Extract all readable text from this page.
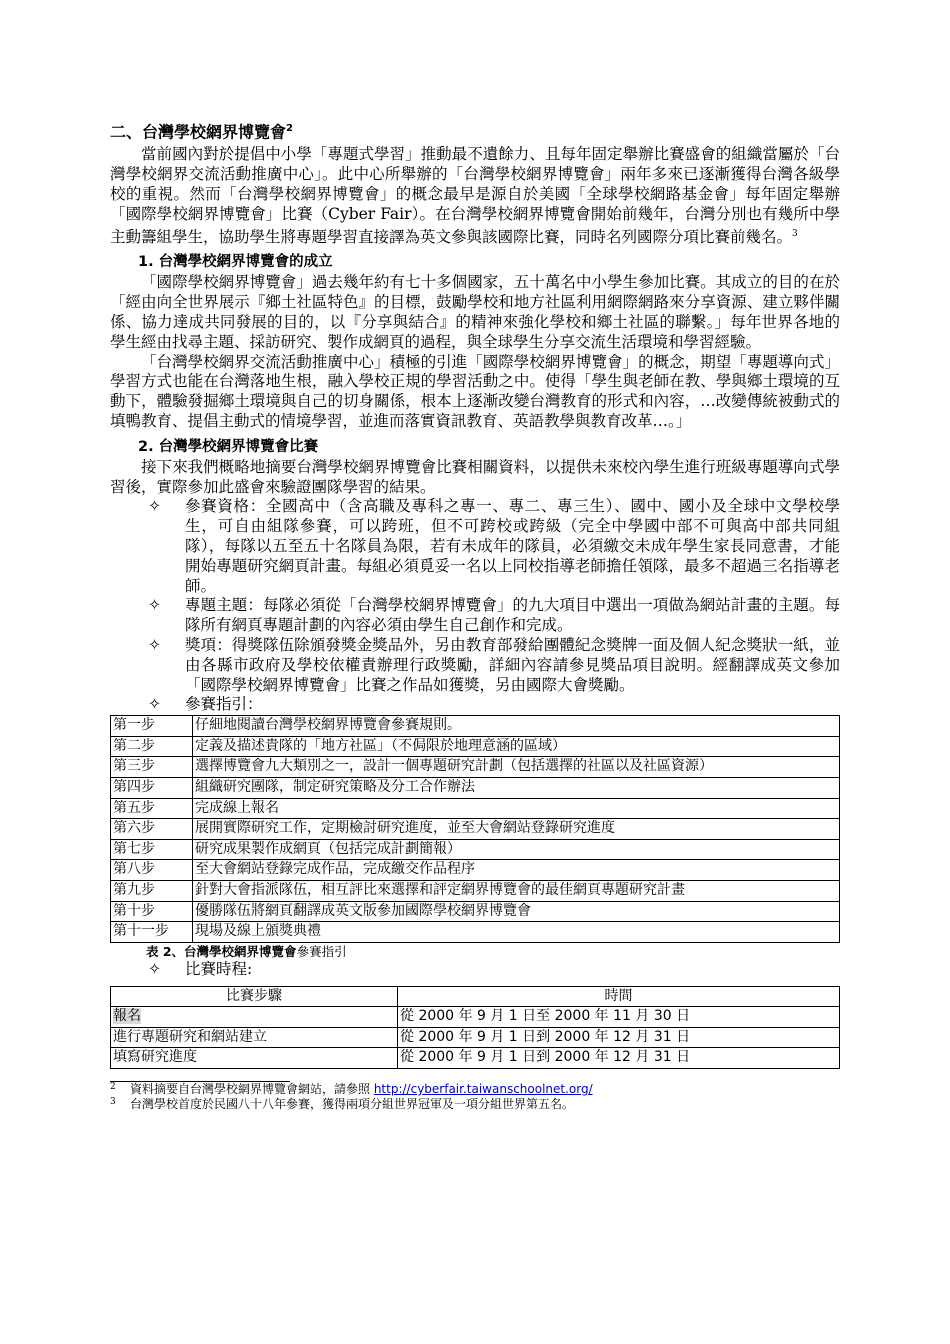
二、台灣學校網界博覽會$^2$

當前國內對於提倡中小學「專題式學習」推動最不遺餘力、且每年固定舉辦比賽盛會的組織當屬於「台灣學校網界交流活動推廣中心」。此中心所舉辦的「台灣學校網界博覽會」兩年多來已逐漸獲得台灣各級學校的重視。然而「台灣學校網界博覽會」的概念最早是源自於美國「全球學校網路基金會」每年固定舉辦「國際學校網界博覽會」比賽（Cyber Fair）。在台灣學校網界博覽會開始前幾年，台灣分別也有幾所中學主動籌組學生，協助學生將專題學習直接譯為英文參與該國際比賽，同時名列國際分項比賽前幾名。$^3$

1. 台灣學校網界博覽會的成立

「國際學校網界博覽會」過去幾年約有七十多個國家，五十萬名中小學生參加比賽。其成立的目的在於「經由向全世界展示『鄉土社區特色』的目標，鼓勵學校和地方社區利用網際網路來分享資源、建立夥伴關係、協力達成共同發展的目的，以『分享與結合』的精神來強化學校和鄉土社區的聯繫。」每年世界各地的學生經由找尋主題、採訪研究、製作成網頁的過程，與全球學生分享交流生活環境和學習經驗。

「台灣學校網界交流活動推廣中心」積極的引進「國際學校網界博覽會」的概念，期望「專題導向式」學習方式也能在台灣落地生根，融入學校正規的學習活動之中。使得「學生與老師在教、學與鄉土環境的互動下，體驗發掘鄉土環境與自己的切身關係，根本上逐漸改變台灣教育的形式和內容，…改變傳統被動式的填鴨教育、提倡主動式的情境學習，並進而落實資訊教育、英語教學與教育改革…。」

2. 台灣學校網界博覽會比賽

接下來我們概略地摘要台灣學校網界博覽會比賽相關資料，以提供未來校內學生進行班級專題導向式學習後，實際參加此盛會來驗證團隊學習的結果。

✧ 參賽資格：全國高中（含高職及專科之專一、專二、專三生）、國中、國小及全球中文學校學生，可自由組隊參賽，可以跨班，但不可跨校或跨級（完全中學國中部不可與高中部共同組隊），每隊以五至五十名隊員為限，若有未成年的隊員，必須繳交未成年學生家長同意書，才能開始專題研究網頁計畫。每組必須覓妥一名以上同校指導老師擔任領隊，最多不超過三名指導老師。
✧ 專題主題：每隊必須從「台灣學校網界博覽會」的九大項目中選出一項做為網站計畫的主題。每隊所有網頁專題計劃的內容必須由學生自己創作和完成。
✧ 獎項：得獎隊伍除頒發獎金獎品外，另由教育部發給團體紀念獎牌一面及個人紀念獎狀一紙，並由各縣市政府及學校依權責辦理行政獎勵，詳細內容請參見獎品項目說明。經翻譯成英文參加「國際學校網界博覽會」比賽之作品如獲獎，另由國際大會獎勵。
✧ 參賽指引：
第一步	仔細地閱讀台灣學校網界博覽會參賽規則。
第二步	定義及描述貴隊的「地方社區」（不侷限於地理意涵的區域）
第三步	選擇博覽會九大類別之一，設計一個專題研究計劃（包括選擇的社區以及社區資源）
第四步	組織研究團隊，制定研究策略及分工合作辦法
第五步	完成線上報名
第六步	展開實際研究工作，定期檢討研究進度，並至大會網站登錄研究進度
第七步	研究成果製作成網頁（包括完成計劃簡報）
第八步	至大會網站登錄完成作品，完成繳交作品程序
第九步	針對大會指派隊伍，相互評比來選擇和評定網界博覽會的最佳網頁專題研究計畫
第十步	優勝隊伍將網頁翻譯成英文版參加國際學校網界博覽會
第十一步	現場及線上頒獎典禮
表 2、台灣學校網界博覽會參賽指引
✧ 比賽時程:
比賽步驟	時間
報名	從 2000 年 9 月 1 日至 2000 年 11 月 30 日
進行專題研究和網站建立	從 2000 年 9 月 1 日到 2000 年 12 月 31 日
填寫研究進度	從 2000 年 9 月 1 日到 2000 年 12 月 31 日
2 資料摘要自台灣學校網界博覽會網站，請參照 http://cyberfair.taiwanschoolnet.org/
3 台灣學校首度於民國八十八年參賽，獲得兩項分組世界冠軍及一項分組世界第五名。
